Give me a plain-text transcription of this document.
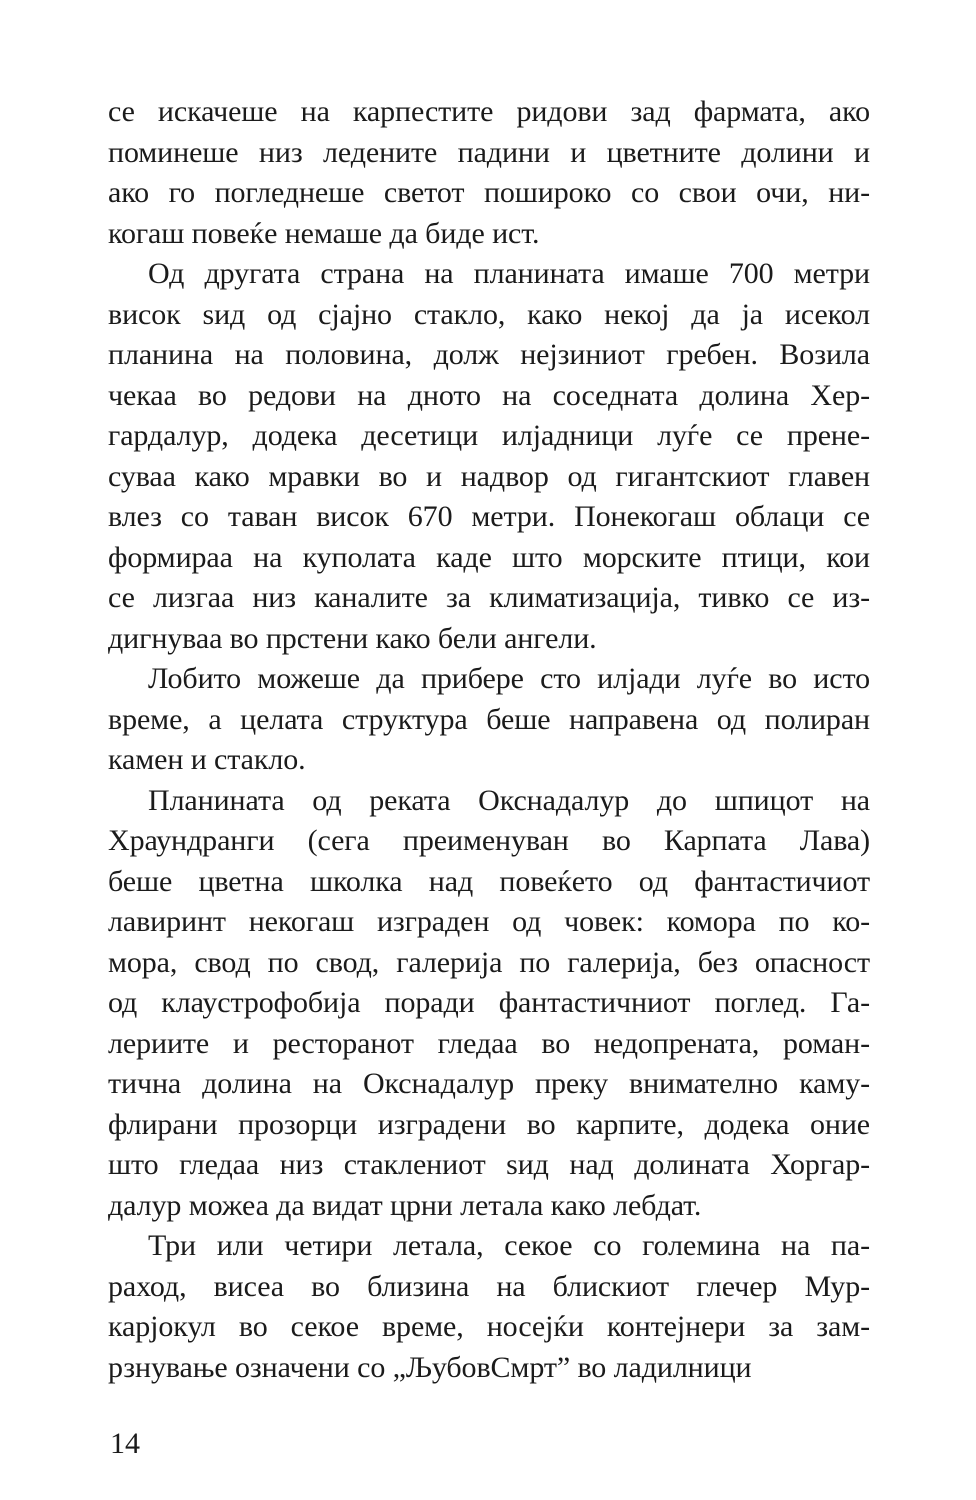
се искачеше на карпестите ридови зад фармата, ако
поминеше низ ледените падини и цветните долини и
ако го погледнеше светот пошироко со свои очи, ни-
когаш повеќе немаше да биде ист.
Од другата страна на планината имаше 700 метри
висок ѕид од сјајно стакло, како некој да ја исекол
планина на половина, долж нејзиниот гребен. Возила
чекаа во редови на дното на соседната долина Хер-
гардалур, додека десетици илјадници луѓе се прене-
суваа како мравки во и надвор од гигантскиот главен
влез со таван висок 670 метри. Понекогаш облаци се
формираа на куполата каде што морските птици, кои
се лизгаа низ каналите за климатизација, тивко се из-
дигнуваа во прстени како бели ангели.
Лобито можеше да прибере сто илјади луѓе во исто
време, а целата структура беше направена од полиран
камен и стакло.
Планината од реката Окснадалур до шпицот на
Храундранги (сега преименуван во Карпата Лава)
беше цветна школка над повеќето од фантастичиот
лавиринт некогаш изграден од човек: комора по ко-
мора, свод по свод, галерија по галерија, без опасност
од клаустрофобија поради фантастичниот поглед. Га-
лериите и ресторанот гледаа во недопрената, роман-
тична долина на Окснадалур преку внимателно каму-
флирани прозорци изградени во карпите, додека оние
што гледаа низ стаклениот ѕид над долината Хоргар-
далур можеа да видат црни летала како лебдат.
Три или четири летала, секое со големина на па-
раход, висеа во близина на блискиот глечер Мур-
карјокул во секое време, носејќи контејнери за зам-
рзнување означени со „ЉубовСмрт” во ладилници
14
